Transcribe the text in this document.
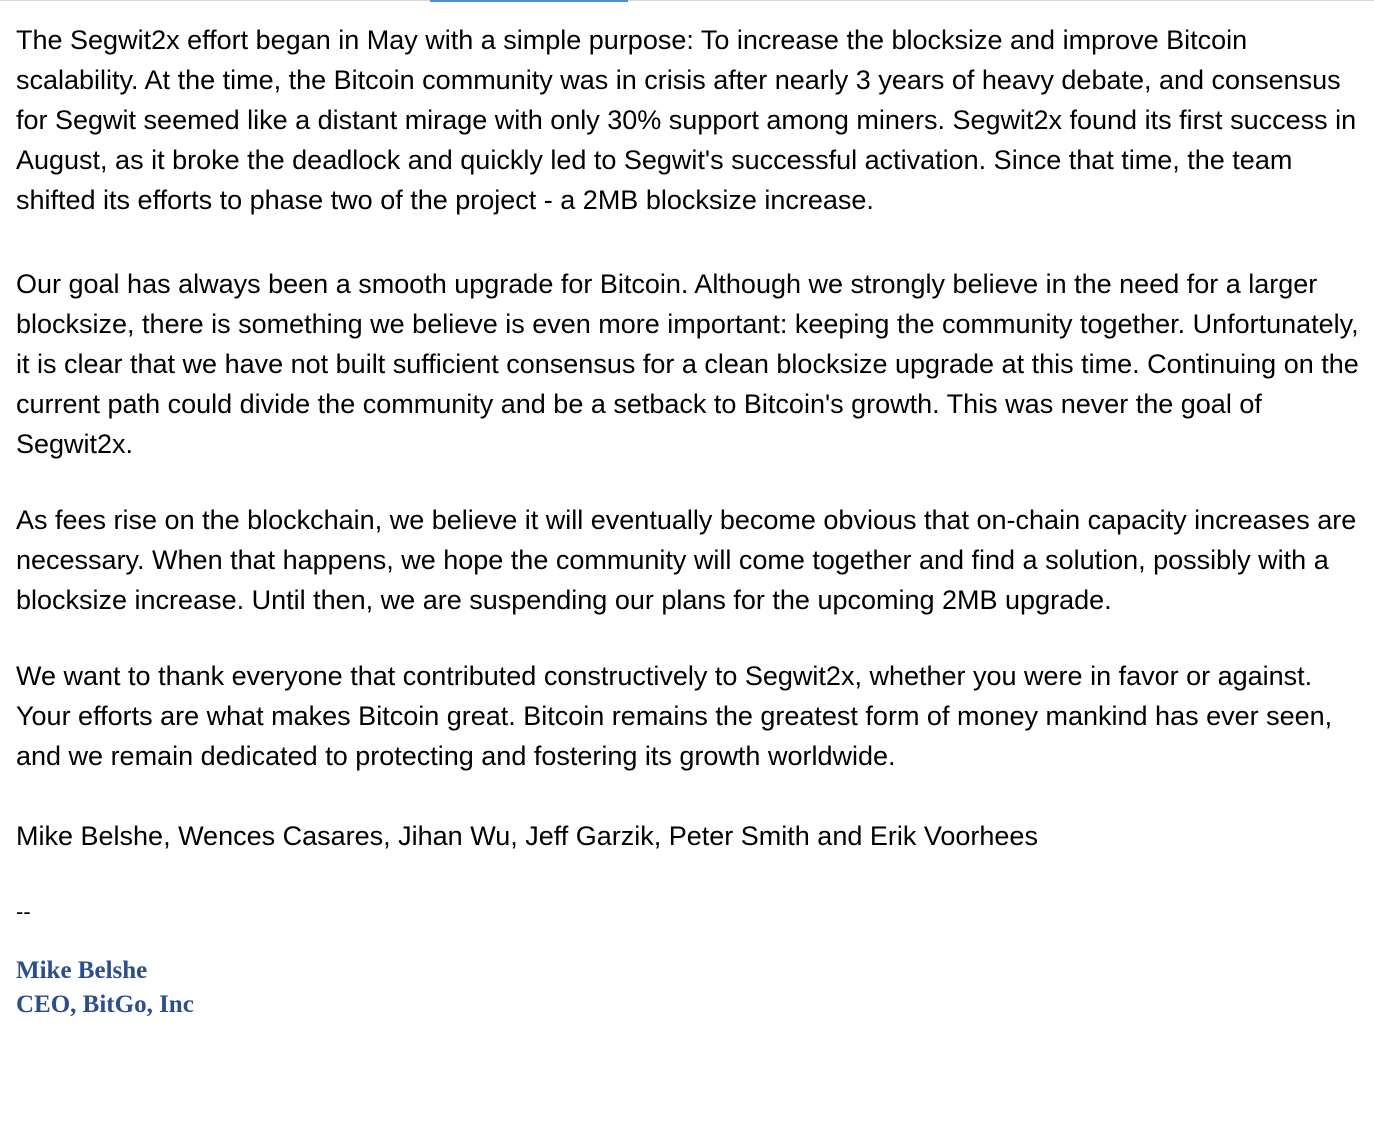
The Segwit2x effort began in May with a simple purpose: To increase the blocksize and improve Bitcoin scalability. At the time, the Bitcoin community was in crisis after nearly 3 years of heavy debate, and consensus for Segwit seemed like a distant mirage with only 30% support among miners. Segwit2x found its first success in August, as it broke the deadlock and quickly led to Segwit's successful activation. Since that time, the team shifted its efforts to phase two of the project - a 2MB blocksize increase.

Our goal has always been a smooth upgrade for Bitcoin. Although we strongly believe in the need for a larger blocksize, there is something we believe is even more important: keeping the community together. Unfortunately, it is clear that we have not built sufficient consensus for a clean blocksize upgrade at this time. Continuing on the current path could divide the community and be a setback to Bitcoin's growth. This was never the goal of Segwit2x.

As fees rise on the blockchain, we believe it will eventually become obvious that on-chain capacity increases are necessary. When that happens, we hope the community will come together and find a solution, possibly with a blocksize increase. Until then, we are suspending our plans for the upcoming 2MB upgrade.

We want to thank everyone that contributed constructively to Segwit2x, whether you were in favor or against. Your efforts are what makes Bitcoin great. Bitcoin remains the greatest form of money mankind has ever seen, and we remain dedicated to protecting and fostering its growth worldwide.

Mike Belshe, Wences Casares, Jihan Wu, Jeff Garzik, Peter Smith and Erik Voorhees

--

Mike Belshe
CEO, BitGo, Inc
